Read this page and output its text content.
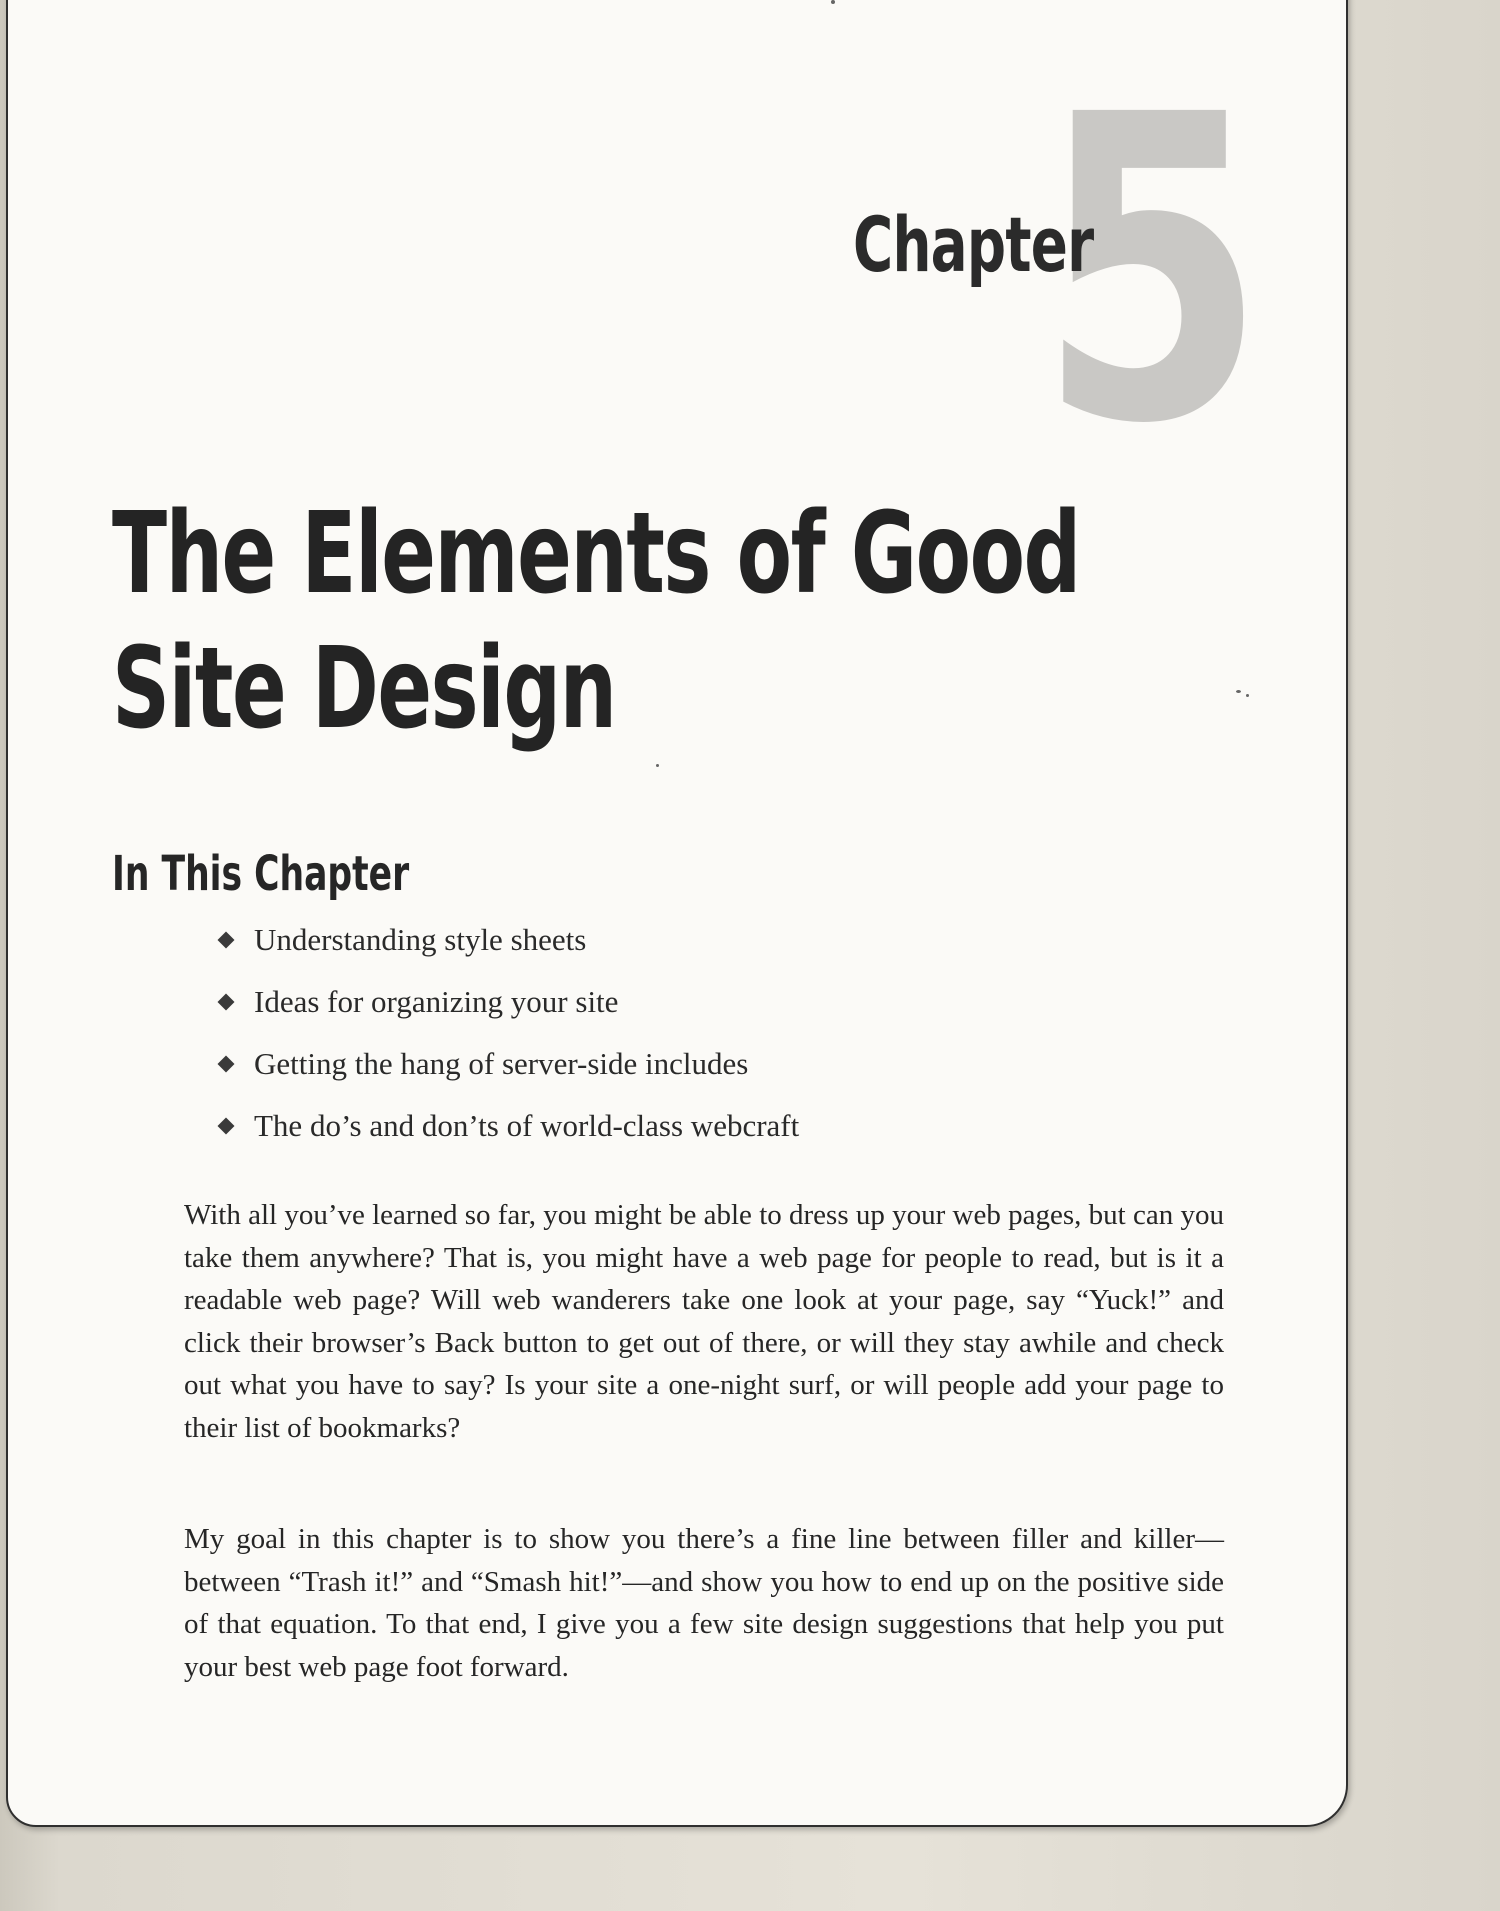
5
Chapter
The Elements of Good
Site Design
In This Chapter
Understanding style sheets
Ideas for organizing your site
Getting the hang of server-side includes
The do’s and don’ts of world-class webcraft

With all you’ve learned so far, you might be able to dress up your web pages, but can you take them anywhere? That is, you might have a web page for people to read, but is it a readable web page? Will web wanderers take one look at your page, say “Yuck!” and click their browser’s Back button to get out of there, or will they stay awhile and check out what you have to say? Is your site a one-night surf, or will people add your page to their list of bookmarks?

My goal in this chapter is to show you there’s a fine line between filler and killer—between “Trash it!” and “Smash hit!”—and show you how to end up on the positive side of that equation. To that end, I give you a few site design suggestions that help you put your best web page foot forward.
